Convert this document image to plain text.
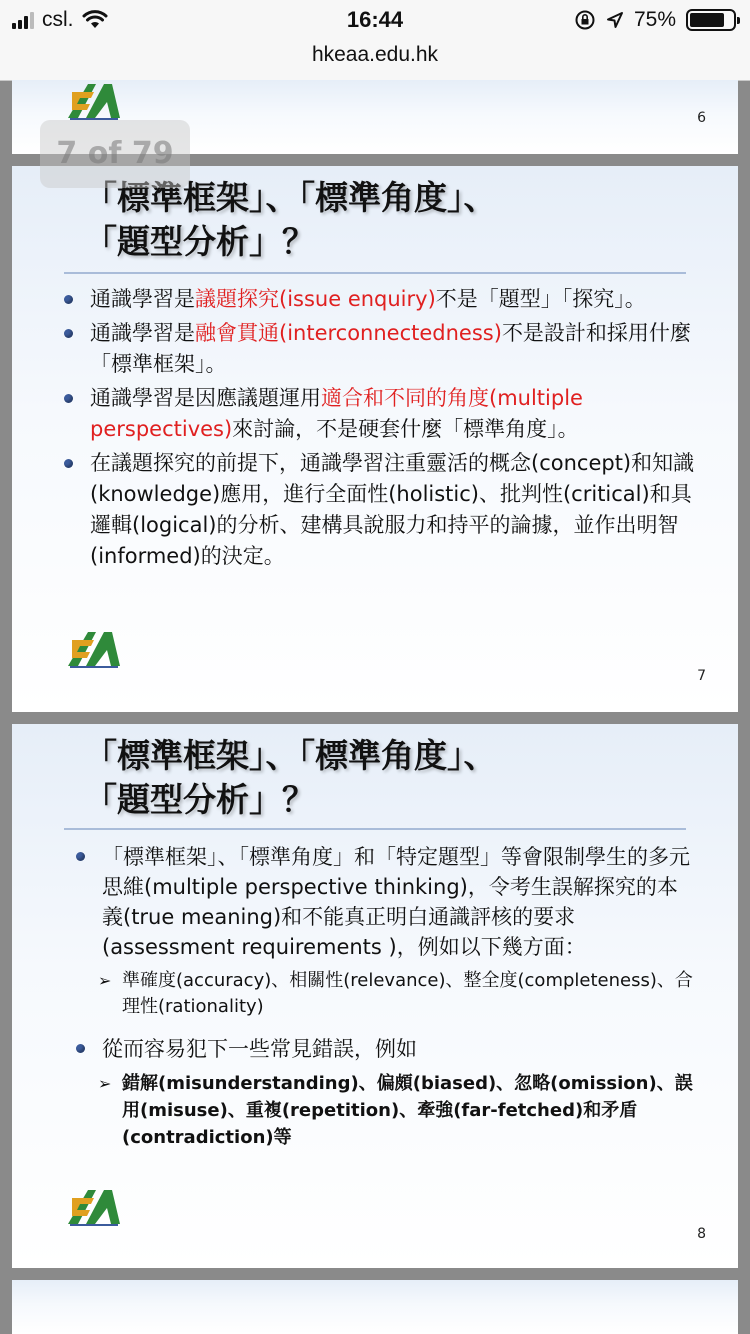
csl.	16:44	75%
hkeaa.edu.hk
7 of 79
6
「標準框架」、「標準角度」、
「題型分析」？
通識學習是議題探究(issue enquiry)不是「題型」「探究」。
通識學習是融會貫通(interconnectedness)不是設計和採用什麼「標準框架」。
通識學習是因應議題運用適合和不同的角度(multiple perspectives)來討論，不是硬套什麼「標準角度」。
在議題探究的前提下，通識學習注重靈活的概念(concept)和知識(knowledge)應用，進行全面性(holistic)、批判性(critical)和具邏輯(logical)的分析、建構具說服力和持平的論據，並作出明智(informed)的決定。
7
「標準框架」、「標準角度」、
「題型分析」？
「標準框架」、「標準角度」和「特定題型」等會限制學生的多元思維(multiple perspective thinking)，令考生誤解探究的本義(true meaning)和不能真正明白通識評核的要求(assessment requirements )，例如以下幾方面：
➢ 準確度(accuracy)、相關性(relevance)、整全度(completeness)、合理性(rationality)
從而容易犯下一些常見錯誤，例如
➢ 錯解(misunderstanding)、偏頗(biased)、忽略(omission)、誤用(misuse)、重複(repetition)、牽強(far-fetched)和矛盾(contradiction)等
8
